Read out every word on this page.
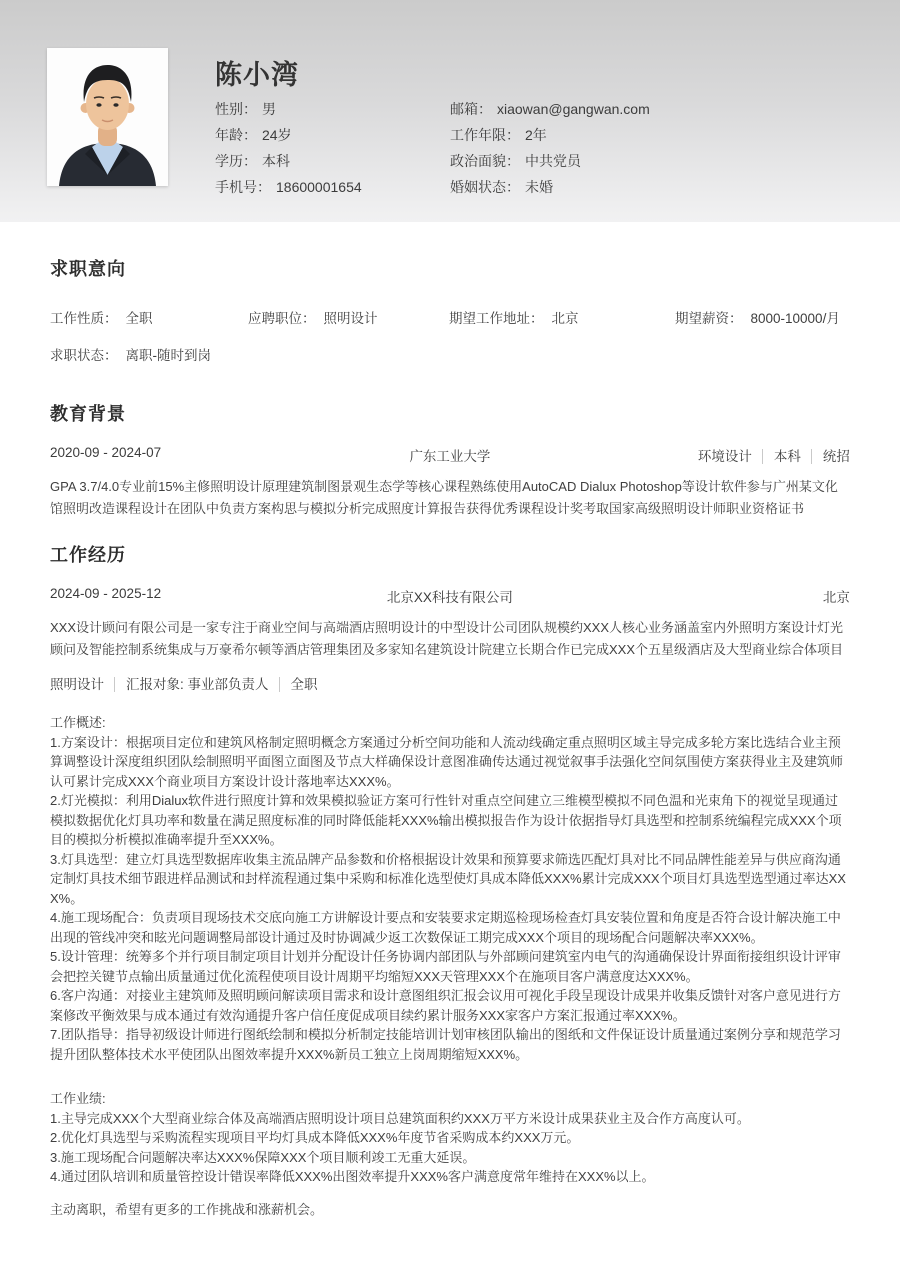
陈小湾
性别： 男
年龄： 24岁
学历： 本科
手机号： 18600001654
邮箱： xiaowan@gangwan.com
工作年限： 2年
政治面貌： 中共党员
婚姻状态： 未婚
求职意向
工作性质： 全职	应聘职位： 照明设计	期望工作地址： 北京	期望薪资： 8000-10000/月
求职状态： 离职-随时到岗
教育背景
2020-09 - 2024-07	广东工业大学	环境设计 本科 统招
GPA 3.7/4.0专业前15%主修照明设计原理建筑制图景观生态学等核心课程熟练使用AutoCAD Dialux Photoshop等设计软件参与广州某文化馆照明改造课程设计在团队中负责方案构思与模拟分析完成照度计算报告获得优秀课程设计奖考取国家高级照明设计师职业资格证书
工作经历
2024-09 - 2025-12	北京XX科技有限公司	北京
XXX设计顾问有限公司是一家专注于商业空间与高端酒店照明设计的中型设计公司团队规模约XXX人核心业务涵盖室内外照明方案设计灯光顾问及智能控制系统集成与万豪希尔顿等酒店管理集团及多家知名建筑设计院建立长期合作已完成XXX个五星级酒店及大型商业综合体项目
照明设计 汇报对象: 事业部负责人 全职
工作概述:
1.方案设计：根据项目定位和建筑风格制定照明概念方案通过分析空间功能和人流动线确定重点照明区域主导完成多轮方案比选结合业主预算调整设计深度组织团队绘制照明平面图立面图及节点大样确保设计意图准确传达通过视觉叙事手法强化空间氛围使方案获得业主及建筑师认可累计完成XXX个商业项目方案设计设计落地率达XXX%。
2.灯光模拟：利用Dialux软件进行照度计算和效果模拟验证方案可行性针对重点空间建立三维模型模拟不同色温和光束角下的视觉呈现通过模拟数据优化灯具功率和数量在满足照度标准的同时降低能耗XXX%输出模拟报告作为设计依据指导灯具选型和控制系统编程完成XXX个项目的模拟分析模拟准确率提升至XXX%。
3.灯具选型：建立灯具选型数据库收集主流品牌产品参数和价格根据设计效果和预算要求筛选匹配灯具对比不同品牌性能差异与供应商沟通定制灯具技术细节跟进样品测试和封样流程通过集中采购和标准化选型使灯具成本降低XXX%累计完成XXX个项目灯具选型选型通过率达XXX%。
4.施工现场配合：负责项目现场技术交底向施工方讲解设计要点和安装要求定期巡检现场检查灯具安装位置和角度是否符合设计解决施工中出现的管线冲突和眩光问题调整局部设计通过及时协调减少返工次数保证工期完成XXX个项目的现场配合问题解决率XXX%。
5.设计管理：统筹多个并行项目制定项目计划并分配设计任务协调内部团队与外部顾问建筑室内电气的沟通确保设计界面衔接组织设计评审会把控关键节点输出质量通过优化流程使项目设计周期平均缩短XXX天管理XXX个在施项目客户满意度达XXX%。
6.客户沟通：对接业主建筑师及照明顾问解读项目需求和设计意图组织汇报会议用可视化手段呈现设计成果并收集反馈针对客户意见进行方案修改平衡效果与成本通过有效沟通提升客户信任度促成项目续约累计服务XXX家客户方案汇报通过率XXX%。
7.团队指导：指导初级设计师进行图纸绘制和模拟分析制定技能培训计划审核团队输出的图纸和文件保证设计质量通过案例分享和规范学习提升团队整体技术水平使团队出图效率提升XXX%新员工独立上岗周期缩短XXX%。
工作业绩:
1.主导完成XXX个大型商业综合体及高端酒店照明设计项目总建筑面积约XXX万平方米设计成果获业主及合作方高度认可。
2.优化灯具选型与采购流程实现项目平均灯具成本降低XXX%年度节省采购成本约XXX万元。
3.施工现场配合问题解决率达XXX%保障XXX个项目顺利竣工无重大延误。
4.通过团队培训和质量管控设计错误率降低XXX%出图效率提升XXX%客户满意度常年维持在XXX%以上。
主动离职，希望有更多的工作挑战和涨薪机会。
